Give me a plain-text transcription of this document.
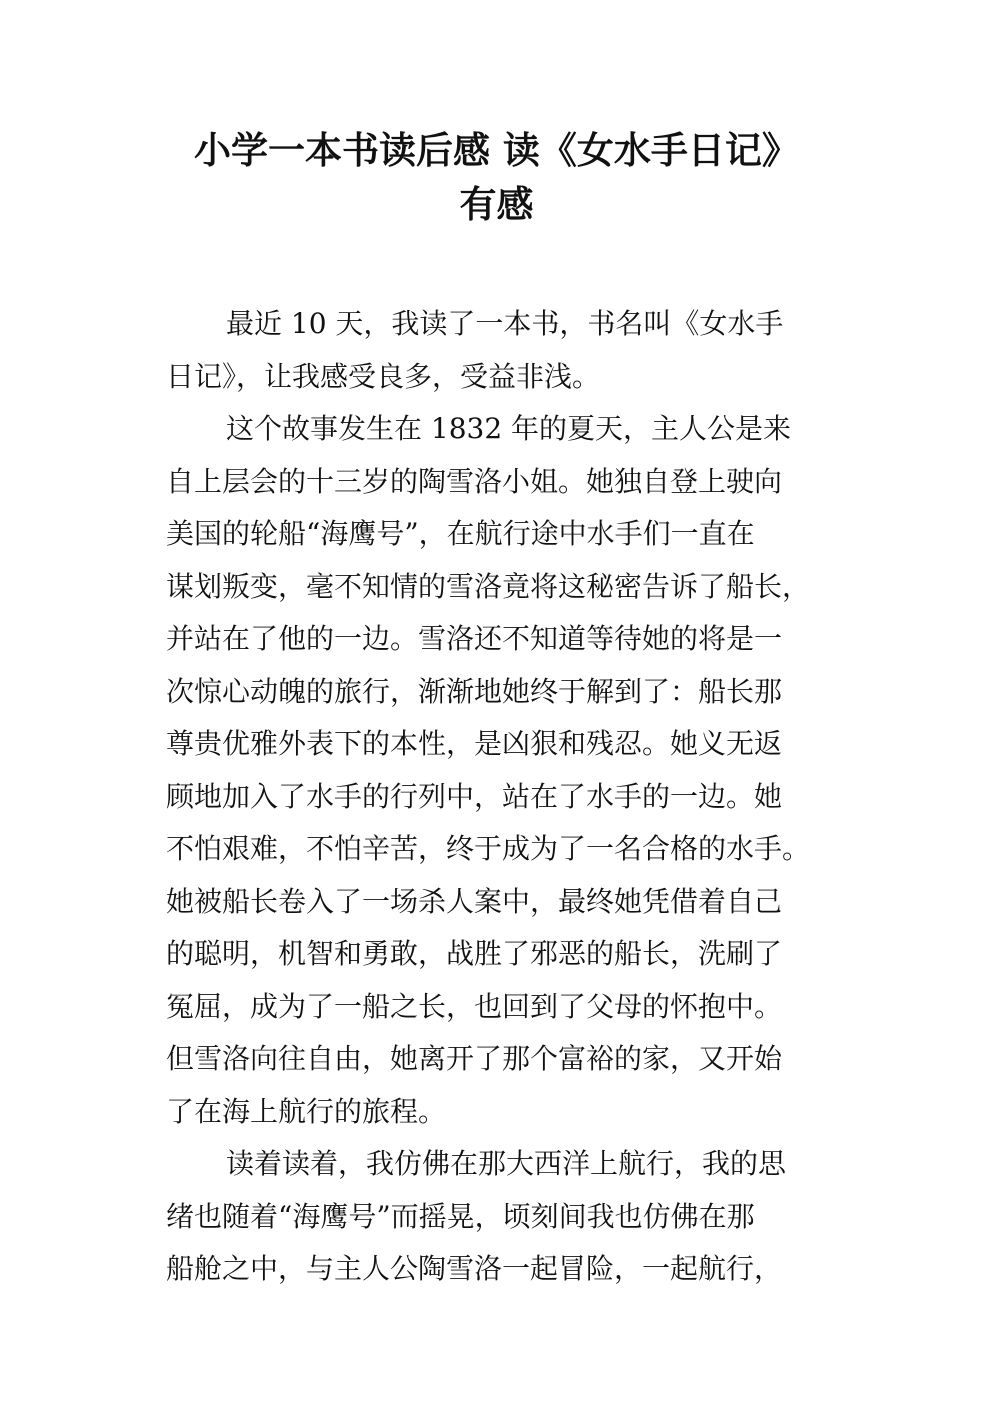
小学一本书读后感 读《女水手日记》
有感
最近 10 天，我读了一本书，书名叫《女水手
日记》，让我感受良多，受益非浅。
这个故事发生在 1832 年的夏天，主人公是来
自上层会的十三岁的陶雪洛小姐。她独自登上驶向
美国的轮船“海鹰号”，在航行途中水手们一直在
谋划叛变，毫不知情的雪洛竟将这秘密告诉了船长，
并站在了他的一边。雪洛还不知道等待她的将是一
次惊心动魄的旅行，渐渐地她终于解到了：船长那
尊贵优雅外表下的本性，是凶狠和残忍。她义无返
顾地加入了水手的行列中，站在了水手的一边。她
不怕艰难，不怕辛苦，终于成为了一名合格的水手。
她被船长卷入了一场杀人案中，最终她凭借着自己
的聪明，机智和勇敢，战胜了邪恶的船长，洗刷了
冤屈，成为了一船之长，也回到了父母的怀抱中。
但雪洛向往自由，她离开了那个富裕的家，又开始
了在海上航行的旅程。
读着读着，我仿佛在那大西洋上航行，我的思
绪也随着“海鹰号”而摇晃，顷刻间我也仿佛在那
船舱之中，与主人公陶雪洛一起冒险，一起航行，
